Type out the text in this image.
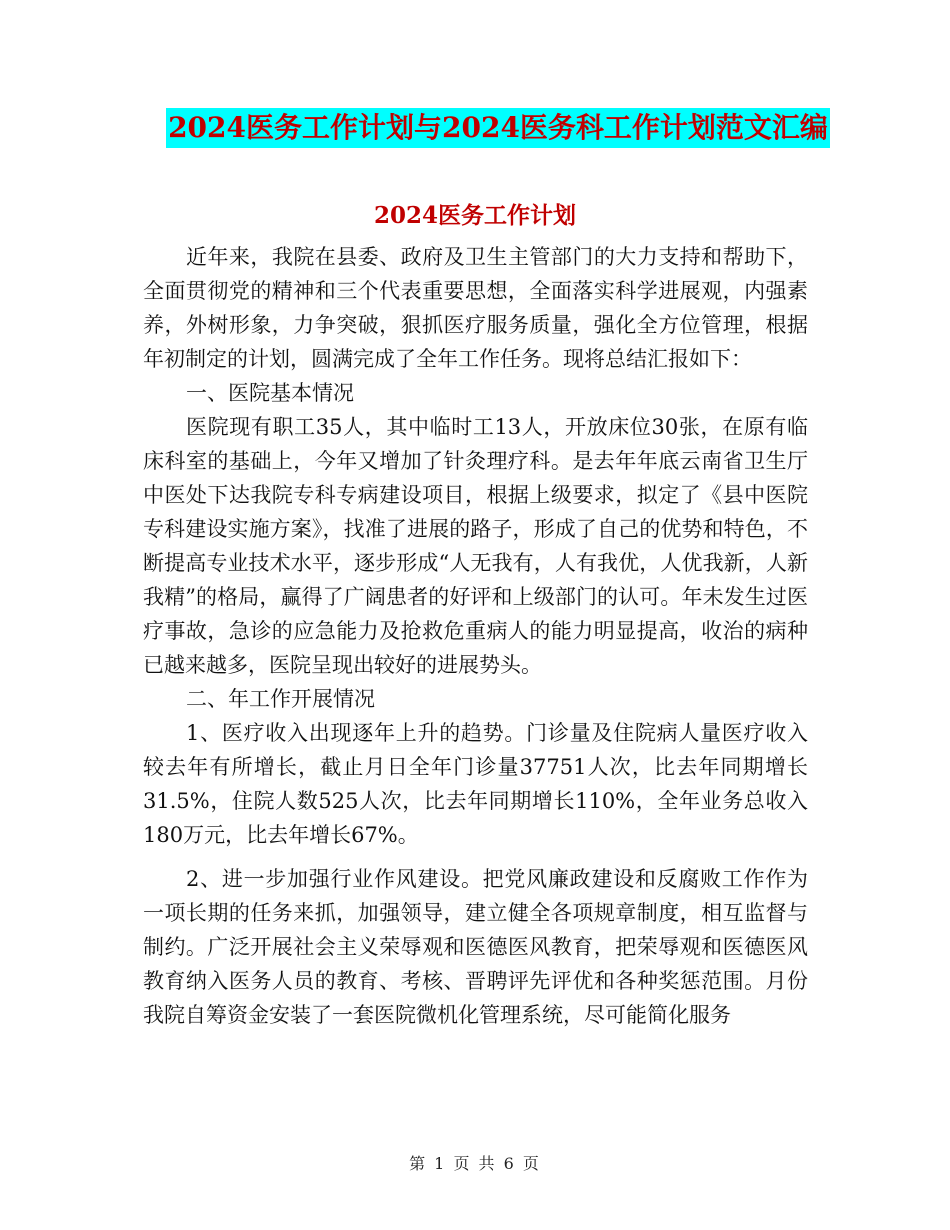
2024医务工作计划与2024医务科工作计划范文汇编
2024医务工作计划

近年来，我院在县委、政府及卫生主管部门的大力支持和帮助下，全面贯彻党的精神和三个代表重要思想，全面落实科学进展观，内强素养，外树形象，力争突破，狠抓医疗服务质量，强化全方位管理，根据年初制定的计划，圆满完成了全年工作任务。现将总结汇报如下：

一、医院基本情况

医院现有职工35人，其中临时工13人，开放床位30张，在原有临床科室的基础上，今年又增加了针灸理疗科。是去年年底云南省卫生厅中医处下达我院专科专病建设项目，根据上级要求，拟定了《县中医院专科建设实施方案》，找准了进展的路子，形成了自己的优势和特色，不断提高专业技术水平，逐步形成“人无我有，人有我优，人优我新，人新我精”的格局，赢得了广阔患者的好评和上级部门的认可。年未发生过医疗事故，急诊的应急能力及抢救危重病人的能力明显提高，收治的病种已越来越多，医院呈现出较好的进展势头。

二、年工作开展情况

1、医疗收入出现逐年上升的趋势。门诊量及住院病人量医疗收入较去年有所增长，截止月日全年门诊量37751人次，比去年同期增长31.5%，住院人数525人次，比去年同期增长110%，全年业务总收入180万元，比去年增长67%。

2、进一步加强行业作风建设。把党风廉政建设和反腐败工作作为一项长期的任务来抓，加强领导，建立健全各项规章制度，相互监督与制约。广泛开展社会主义荣辱观和医德医风教育，把荣辱观和医德医风教育纳入医务人员的教育、考核、晋聘评先评优和各种奖惩范围。月份我院自筹资金安装了一套医院微机化管理系统，尽可能简化服务

第 1 页 共 6 页
